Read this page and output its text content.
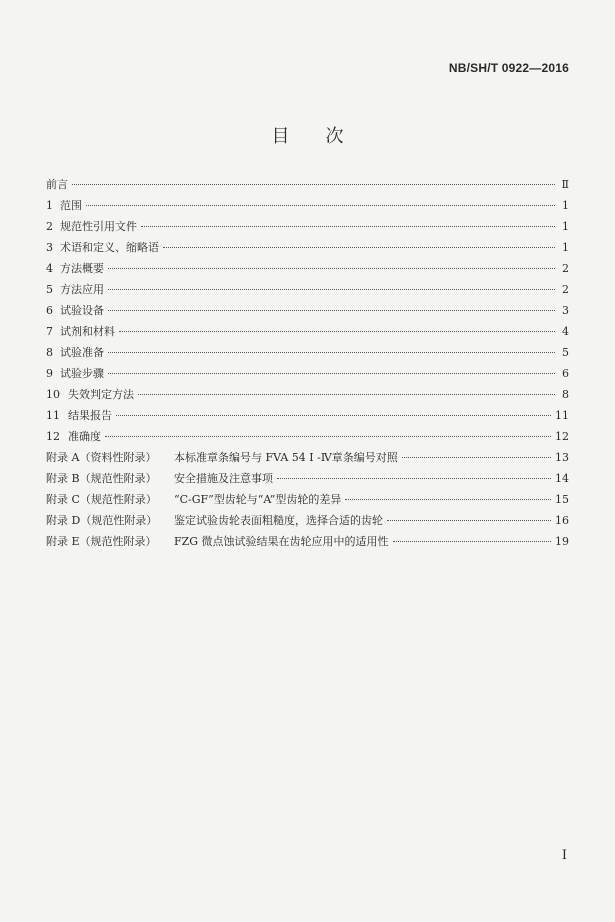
NB/SH/T 0922—2016
目次
前言	Ⅱ
1 范围	1
2 规范性引用文件	1
3 术语和定义、缩略语	1
4 方法概要	2
5 方法应用	2
6 试验设备	3
7 试剂和材料	4
8 试验准备	5
9 试验步骤	6
10 失效判定方法	8
11 结果报告	11
12 准确度	12
附录 A（资料性附录）	本标准章条编号与 FVA 54 Ⅰ -Ⅳ章条编号对照	13
附录 B（规范性附录）	安全措施及注意事项	14
附录 C（规范性附录）	“C-GF”型齿轮与“A”型齿轮的差异	15
附录 D（规范性附录）	鉴定试验齿轮表面粗糙度，选择合适的齿轮	16
附录 E（规范性附录）	FZG 微点蚀试验结果在齿轮应用中的适用性	19
I
